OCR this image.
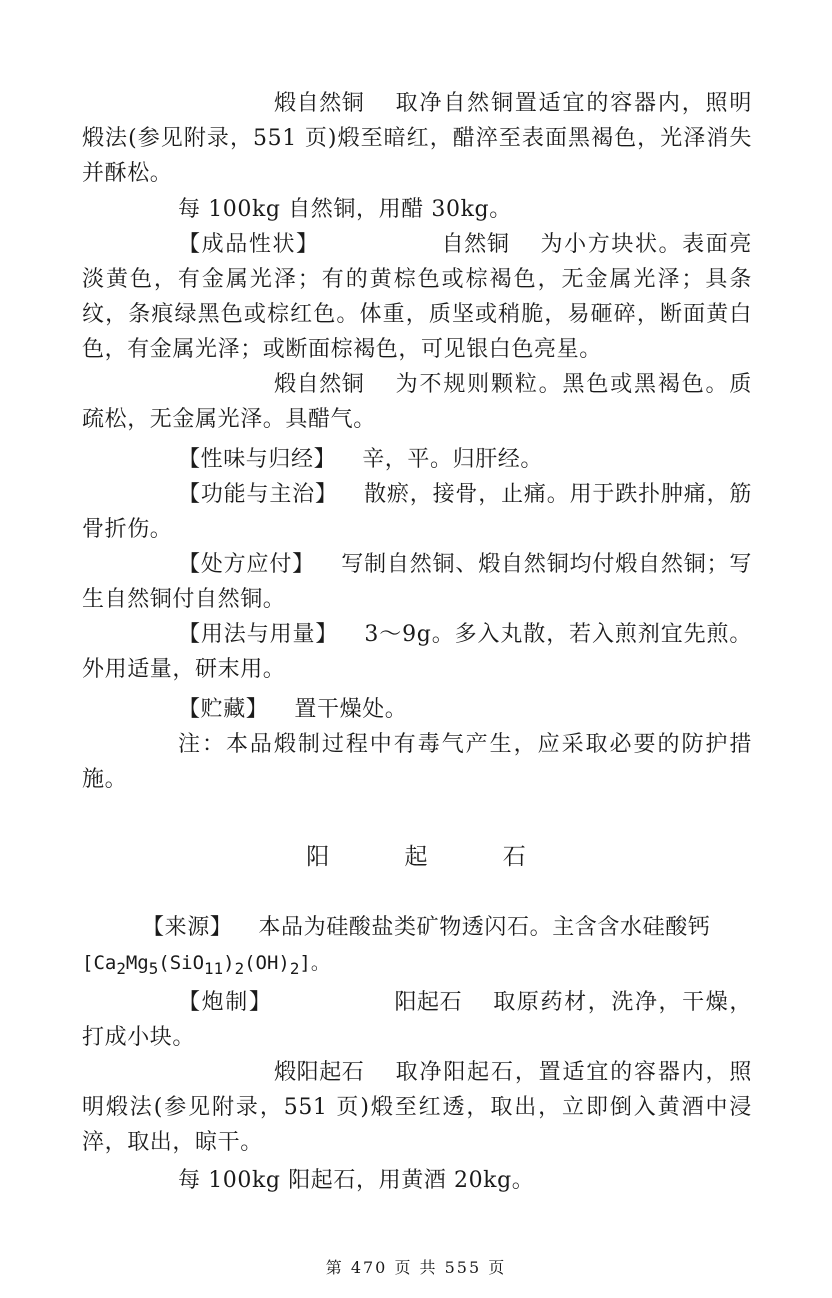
煅自然铜 取净自然铜置适宜的容器内，照明煅法(参见附录，551 页)煅至暗红，醋淬至表面黑褐色，光泽消失并酥松。

每 100kg 自然铜，用醋 30kg。

【成品性状】	自然铜 为小方块状。表面亮淡黄色，有金属光泽；有的黄棕色或棕褐色，无金属光泽；具条纹，条痕绿黑色或棕红色。体重，质坚或稍脆，易砸碎，断面黄白色，有金属光泽；或断面棕褐色，可见银白色亮星。

煅自然铜 为不规则颗粒。黑色或黑褐色。质疏松，无金属光泽。具醋气。

【性味与归经】 辛，平。归肝经。

【功能与主治】 散瘀，接骨，止痛。用于跌扑肿痛，筋骨折伤。

【处方应付】 写制自然铜、煅自然铜均付煅自然铜；写生自然铜付自然铜。

【用法与用量】 3～9g。多入丸散，若入煎剂宜先煎。外用适量，研末用。

【贮藏】 置干燥处。

注：本品煅制过程中有毒气产生，应采取必要的防护措施。

阳 起 石

【来源】 本品为硅酸盐类矿物透闪石。主含含水硅酸钙
$[Ca_2Mg_5(SiO_{11})_2(OH)_2]$。

【炮制】	阳起石 取原药材，洗净，干燥，打成小块。

煅阳起石 取净阳起石，置适宜的容器内，照明煅法(参见附录，551 页)煅至红透，取出，立即倒入黄酒中浸淬，取出，晾干。

每 100kg 阳起石，用黄酒 20kg。

第 470 页 共 555 页
